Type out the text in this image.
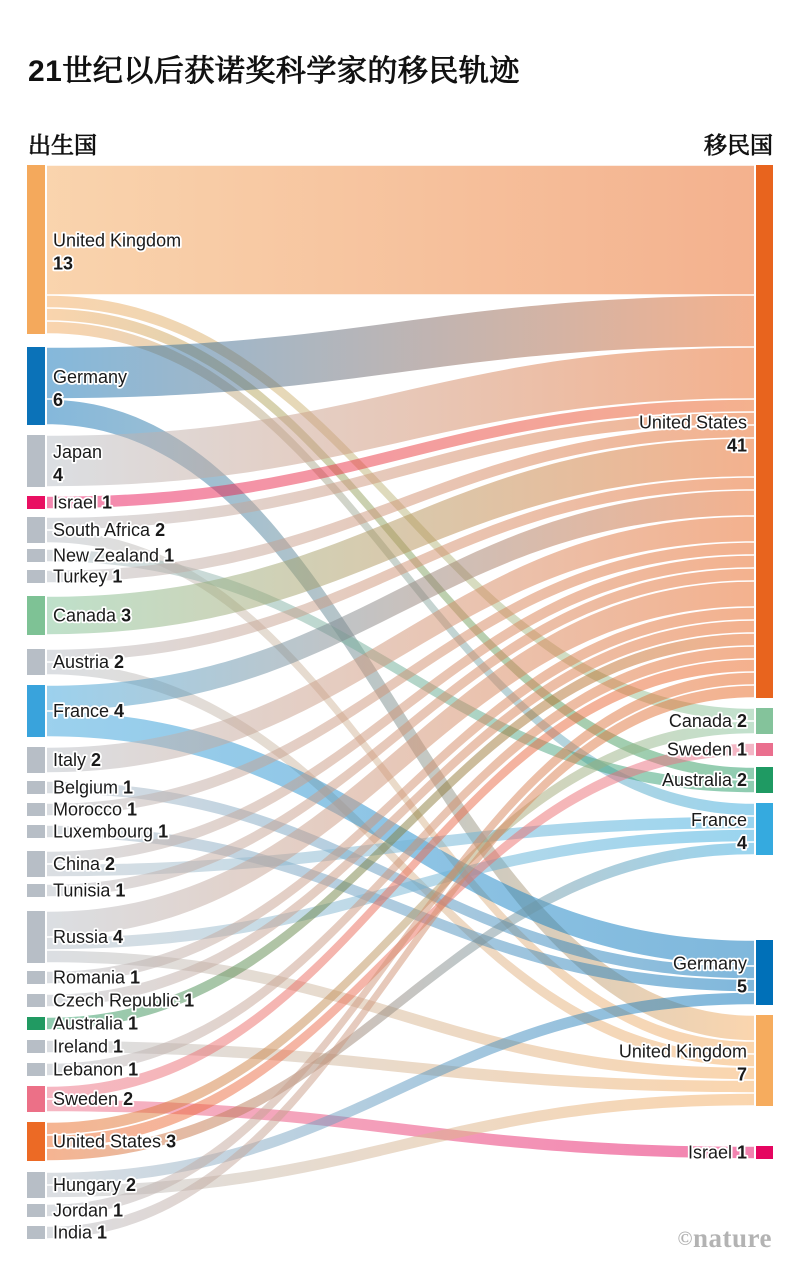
21世纪以后获诺奖科学家的移民轨迹
出生国	移民国
United Kingdom
13
Germany
6
Japan
4
Israel 1
South Africa 2
New Zealand 1
Turkey 1
Canada 3
Austria 2
France 4
Italy 2
Belgium 1
Morocco 1
Luxembourg 1
China 2
Tunisia 1
Russia 4
Romania 1
Czech Republic 1
Australia 1
Ireland 1
Lebanon 1
Sweden 2
United States 3
Hungary 2
Jordan 1
India 1
United States
41
Canada 2
Sweden 1
Australia 2
France
4
Germany
5
United Kingdom
7
Israel 1
©nature
